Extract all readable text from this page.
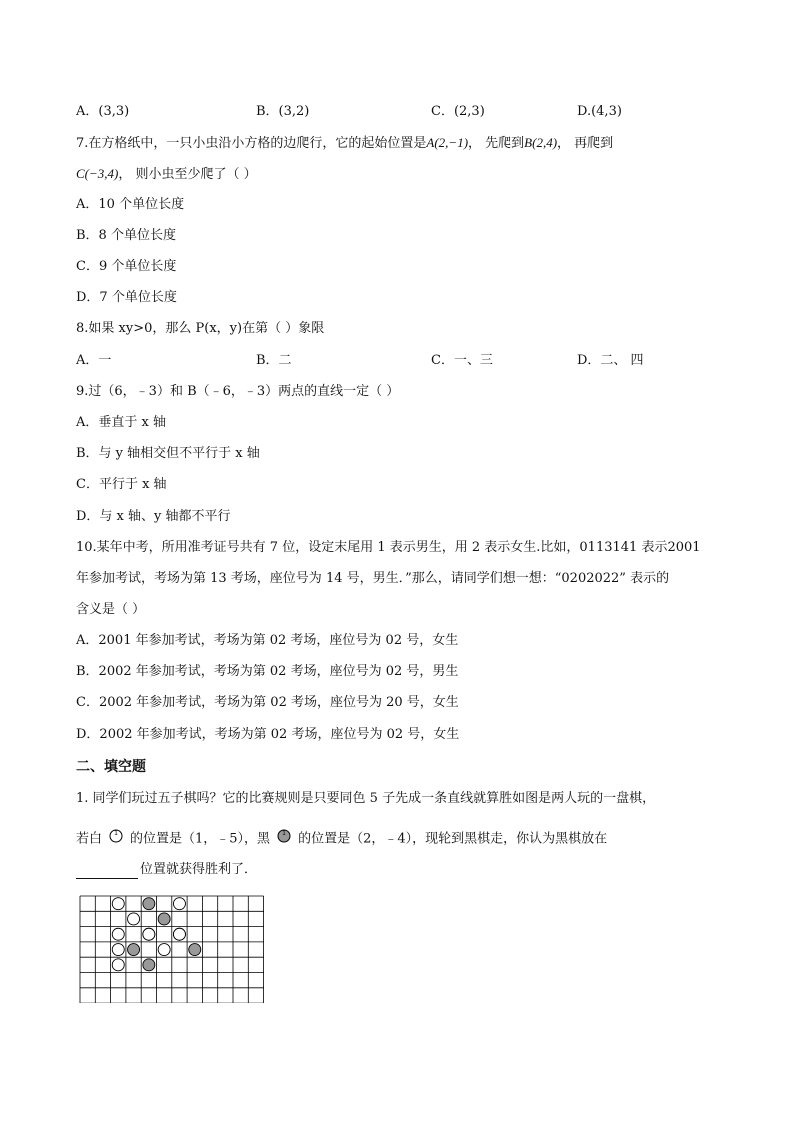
A．(3,3)	B．(3,2)	C．(2,3)	D.(4,3)
7.在方格纸中，一只小虫沿小方格的边爬行，它的起始位置是A(2,−1)， 先爬到B(2,4)， 再爬到
C(−3,4)， 则小虫至少爬了（ ）
A．10 个单位长度
B．8 个单位长度
C．9 个单位长度
D．7 个单位长度
8.如果 xy>0，那么 P(x，y)在第（ ）象限
A．一	B．二	C．一、三	D．二、 四
9.过（6，﹣3）和 B（﹣6，﹣3）两点的直线一定（ ）
A．垂直于 x 轴
B．与 y 轴相交但不平行于 x 轴
C．平行于 x 轴
D．与 x 轴、y 轴都不平行
10.某年中考，所用准考证号共有 7 位，设定末尾用 1 表示男生，用 2 表示女生.比如，0113141 表示2001
年参加考试，考场为第 13 考场，座位号为 14 号，男生．”那么，请同学们想一想：“0202022” 表示的
含义是（ ）
A．2001 年参加考试，考场为第 02 考场，座位号为 02 号，女生
B．2002 年参加考试，考场为第 02 考场，座位号为 02 号，男生
C．2002 年参加考试，考场为第 02 考场，座位号为 20 号，女生
D．2002 年参加考试，考场为第 02 考场，座位号为 02 号，女生
二、填空题
1. 同学们玩过五子棋吗？它的比赛规则是只要同色 5 子先成一条直线就算胜如图是两人玩的一盘棋，
若白 1 的位置是（1，﹣5），黑 1 的位置是（2，﹣4），现轮到黑棋走，你认为黑棋放在
位置就获得胜利了．
